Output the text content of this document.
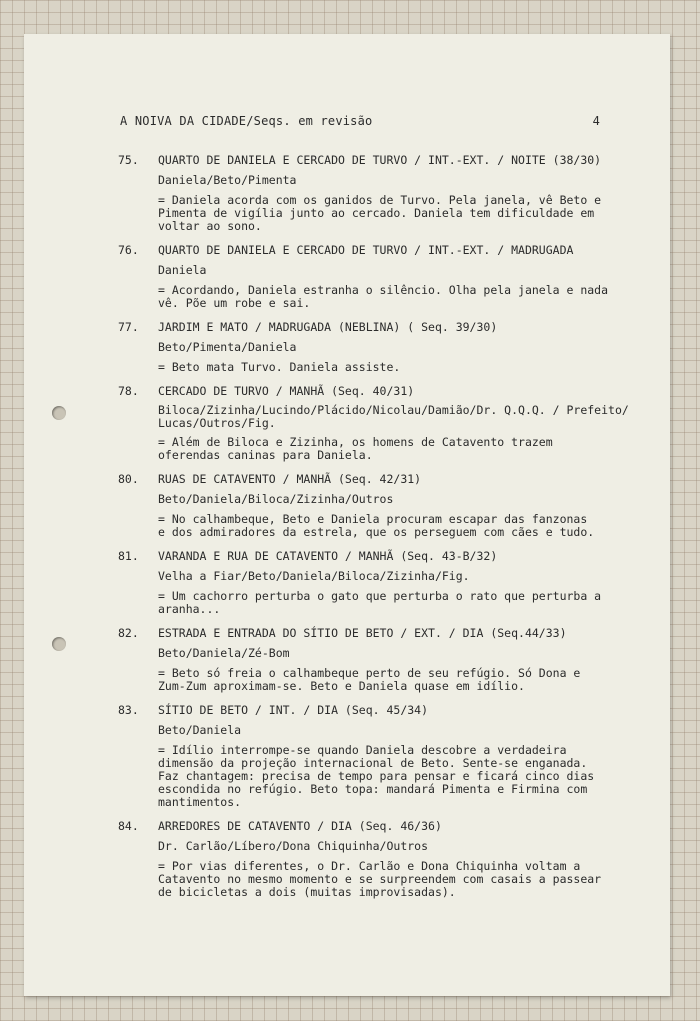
A NOIVA DA CIDADE/Seqs. em revisão	4
75.	QUARTO DE DANIELA E CERCADO DE TURVO / INT.-EXT. / NOITE (38/30)
Daniela/Beto/Pimenta
= Daniela acorda com os ganidos de Turvo. Pela janela, vê Beto e
Pimenta de vigília junto ao cercado. Daniela tem dificuldade em
voltar ao sono.
76.	QUARTO DE DANIELA E CERCADO DE TURVO / INT.-EXT. / MADRUGADA
Daniela
= Acordando, Daniela estranha o silêncio. Olha pela janela e nada
vê. Põe um robe e sai.
77.	JARDIM E MATO / MADRUGADA (NEBLINA) ( Seq. 39/30)
Beto/Pimenta/Daniela
= Beto mata Turvo. Daniela assiste.
78.	CERCADO DE TURVO / MANHÃ (Seq. 40/31)
Biloca/Zizinha/Lucindo/Plácido/Nicolau/Damião/Dr. Q.Q.Q. / Prefeito/
Lucas/Outros/Fig.
= Além de Biloca e Zizinha, os homens de Catavento trazem
oferendas caninas para Daniela.
80.	RUAS DE CATAVENTO / MANHÃ (Seq. 42/31)
Beto/Daniela/Biloca/Zizinha/Outros
= No calhambeque, Beto e Daniela procuram escapar das fanzonas
e dos admiradores da estrela, que os perseguem com cães e tudo.
81.	VARANDA E RUA DE CATAVENTO / MANHÃ (Seq. 43-B/32)
Velha a Fiar/Beto/Daniela/Biloca/Zizinha/Fig.
= Um cachorro perturba o gato que perturba o rato que perturba a
aranha...
82.	ESTRADA E ENTRADA DO SÍTIO DE BETO / EXT. / DIA (Seq.44/33)
Beto/Daniela/Zé-Bom
= Beto só freia o calhambeque perto de seu refúgio. Só Dona e
Zum-Zum aproximam-se. Beto e Daniela quase em idílio.
83.	SÍTIO DE BETO / INT. / DIA (Seq. 45/34)
Beto/Daniela
= Idílio interrompe-se quando Daniela descobre a verdadeira
dimensão da projeção internacional de Beto. Sente-se enganada.
Faz chantagem: precisa de tempo para pensar e ficará cinco dias
escondida no refúgio. Beto topa: mandará Pimenta e Firmina com
mantimentos.
84.	ARREDORES DE CATAVENTO / DIA (Seq. 46/36)
Dr. Carlão/Líbero/Dona Chiquinha/Outros
= Por vias diferentes, o Dr. Carlão e Dona Chiquinha voltam a
Catavento no mesmo momento e se surpreendem com casais a passear
de bicicletas a dois (muitas improvisadas).
